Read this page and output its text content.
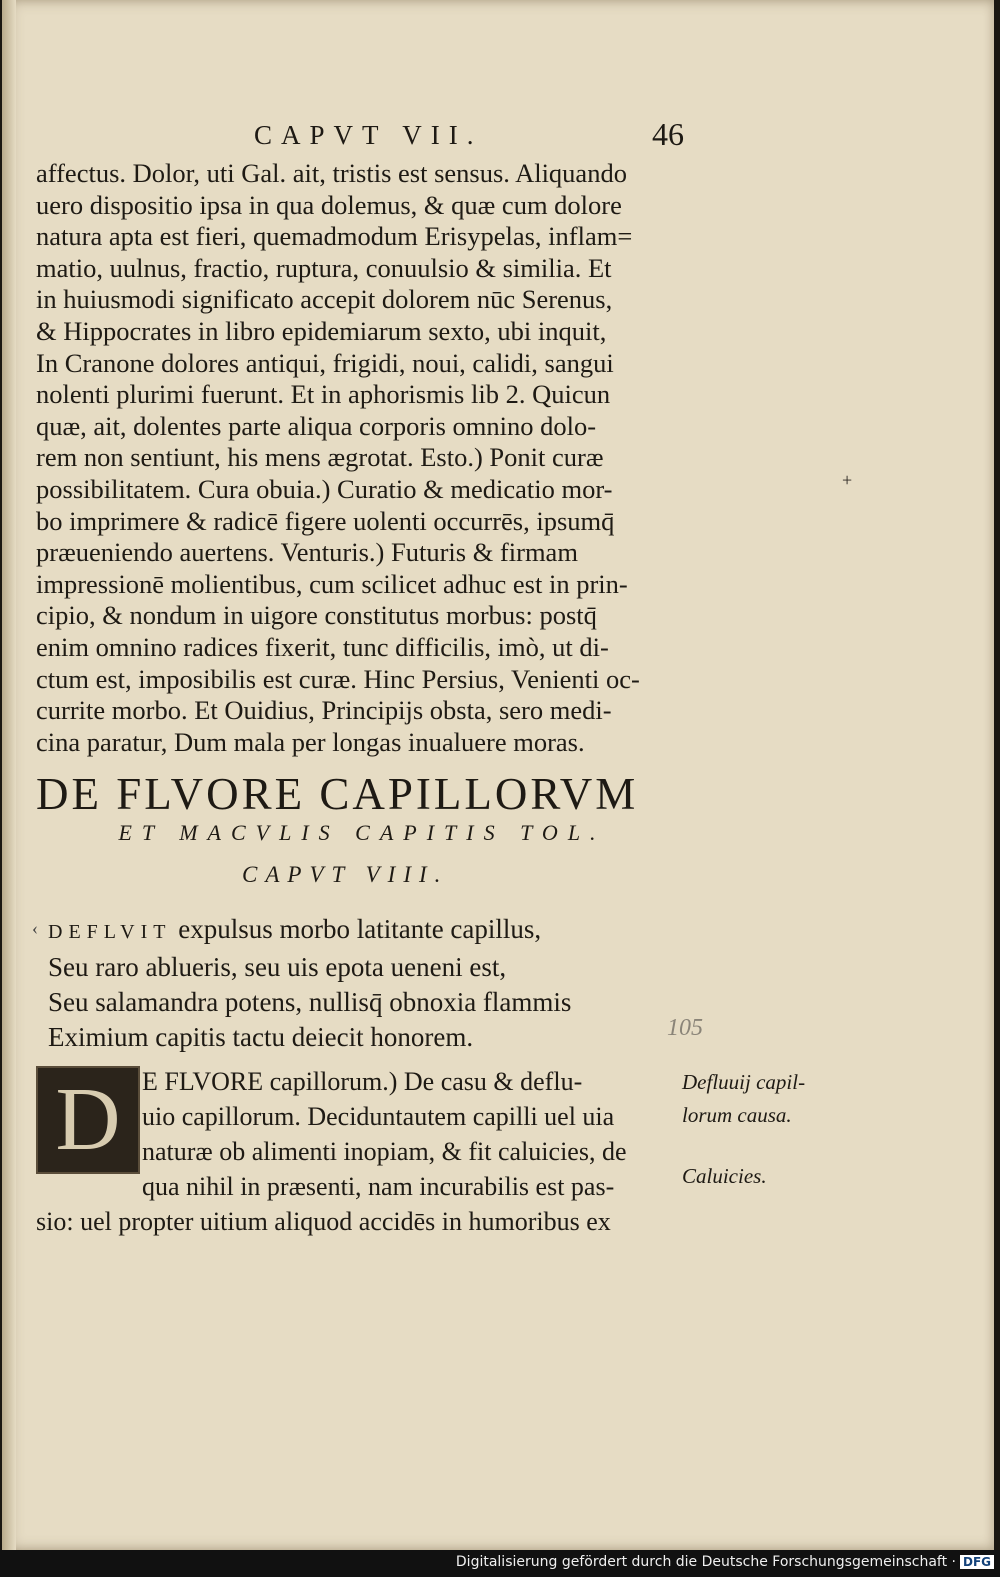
CAPVT VII.	46
affectus. Dolor, uti Gal. ait, tristis est sensus. Aliquando
uero dispositio ipsa in qua dolemus, & quæ cum dolore
natura apta est fieri, quemadmodum Erisypelas, inflam=
matio, uulnus, fractio, ruptura, conuulsio & similia. Et
in huiusmodi significato accepit dolorem nūc Serenus,
& Hippocrates in libro epidemiarum sexto, ubi inquit,
In Cranone dolores antiqui, frigidi, noui, calidi, sangui
nolenti plurimi fuerunt. Et in aphorismis lib 2. Quicun
quæ, ait, dolentes parte aliqua corporis omnino dolo-
rem non sentiunt, his mens ægrotat. Esto.) Ponit curæ
possibilitatem. Cura obuia.) Curatio & medicatio mor-
bo imprimere & radicē figere uolenti occurrēs, ipsumq̄
præueniendo auertens. Venturis.) Futuris & firmam
impressionē molientibus, cum scilicet adhuc est in prin-
cipio, & nondum in uigore constitutus morbus: postq̄
enim omnino radices fixerit, tunc difficilis, imò, ut di-
ctum est, imposibilis est curæ. Hinc Persius, Venienti oc-
currite morbo. Et Ouidius, Principijs obsta, sero medi-
cina paratur, Dum mala per longas inualuere moras.
+
DE FLVORE CAPILLORVM
ET MACVLIS CAPITIS TOL.
CAPVT VIII.
‹ DEFLVIT expulsus morbo latitante capillus,
Seu raro ablueris, seu uis epota ueneni est,
Seu salamandra potens, nullisq̄ obnoxia flammis
Eximium capitis tactu deiecit honorem.	105
D E FLVORE capillorum.) De casu & deflu-
uio capillorum. Deciduntautem capilli uel uia
naturæ ob alimenti inopiam, & fit caluicies, de
qua nihil in præsenti, nam incurabilis est pas-
sio: uel propter uitium aliquod accidēs in humoribus ex
Defluuij capil-
lorum causa.
Caluicies.
Digitalisierung gefördert durch die Deutsche Forschungsgemeinschaft · DFG
